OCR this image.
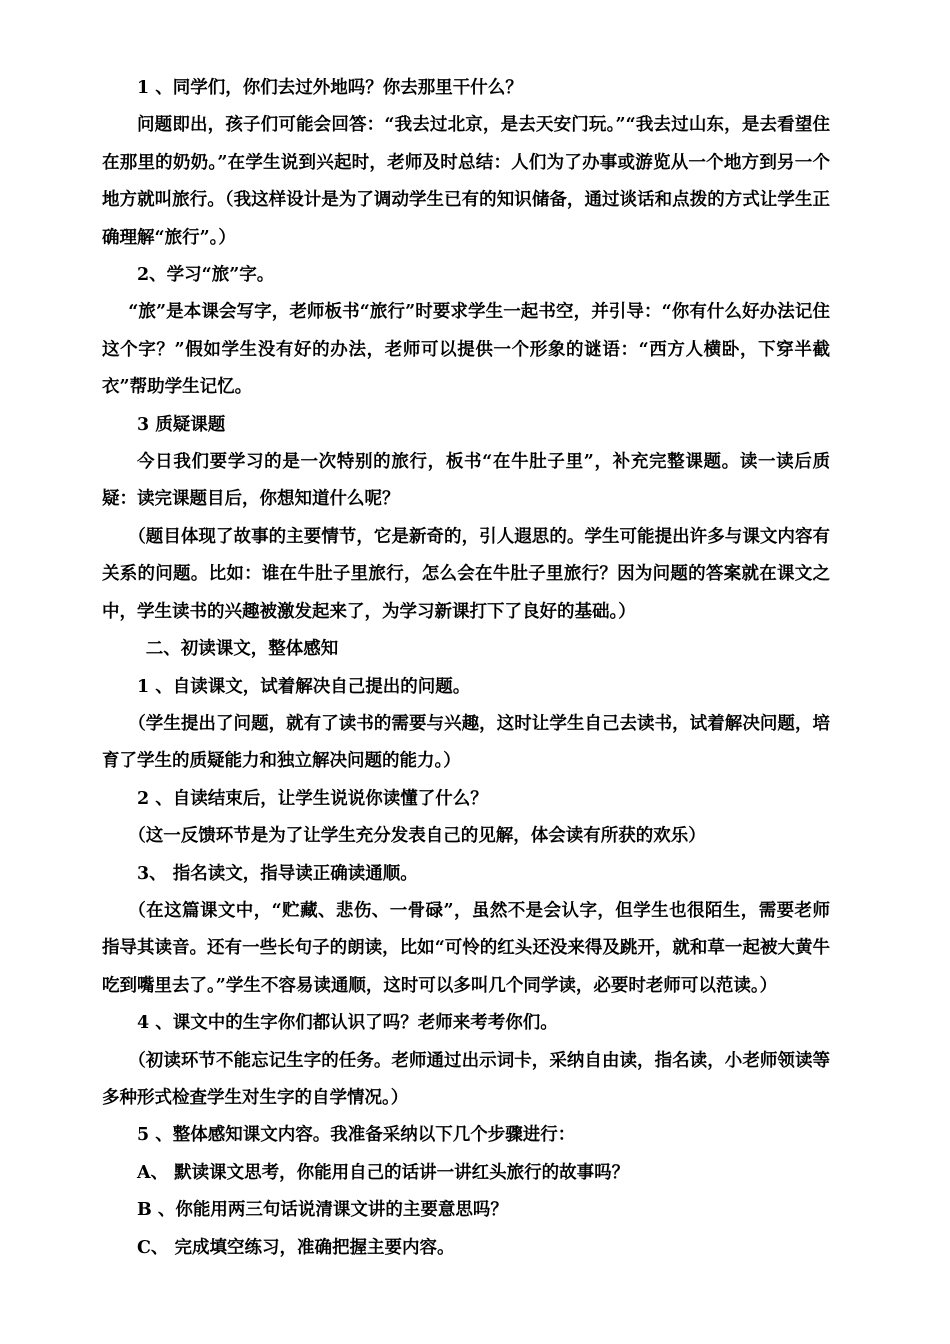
1 、同学们，你们去过外地吗？你去那里干什么？

问题即出，孩子们可能会回答：“我去过北京，是去天安门玩。”“我去过山东，是去看望住在那里的奶奶。”在学生说到兴起时，老师及时总结：人们为了办事或游览从一个地方到另一个地方就叫旅行。（我这样设计是为了调动学生已有的知识储备，通过谈话和点拨的方式让学生正确理解“旅行”。）

2、学习“旅”字。

“旅”是本课会写字，老师板书“旅行”时要求学生一起书空，并引导：“你有什么好办法记住这个字？”假如学生没有好的办法，老师可以提供一个形象的谜语：“西方人横卧，下穿半截衣”帮助学生记忆。

3 质疑课题

今日我们要学习的是一次特别的旅行，板书“在牛肚子里”，补充完整课题。读一读后质疑：读完课题目后，你想知道什么呢？

（题目体现了故事的主要情节，它是新奇的，引人遐思的。学生可能提出许多与课文内容有关系的问题。比如：谁在牛肚子里旅行，怎么会在牛肚子里旅行？因为问题的答案就在课文之中，学生读书的兴趣被激发起来了，为学习新课打下了良好的基础。）

二、初读课文，整体感知

1 、自读课文，试着解决自己提出的问题。

（学生提出了问题，就有了读书的需要与兴趣，这时让学生自己去读书，试着解决问题，培育了学生的质疑能力和独立解决问题的能力。）

2 、自读结束后，让学生说说你读懂了什么？

（这一反馈环节是为了让学生充分发表自己的见解，体会读有所获的欢乐）

3、 指名读文，指导读正确读通顺。

（在这篇课文中，“贮藏、悲伤、一骨碌”，虽然不是会认字，但学生也很陌生，需要老师指导其读音。还有一些长句子的朗读，比如“可怜的红头还没来得及跳开，就和草一起被大黄牛吃到嘴里去了。”学生不容易读通顺，这时可以多叫几个同学读，必要时老师可以范读。）

4 、课文中的生字你们都认识了吗？老师来考考你们。

（初读环节不能忘记生字的任务。老师通过出示词卡，采纳自由读，指名读，小老师领读等多种形式检查学生对生字的自学情况。）

5 、整体感知课文内容。我准备采纳以下几个步骤进行：

A、 默读课文思考，你能用自己的话讲一讲红头旅行的故事吗？

B 、你能用两三句话说清课文讲的主要意思吗？

C、 完成填空练习，准确把握主要内容。
